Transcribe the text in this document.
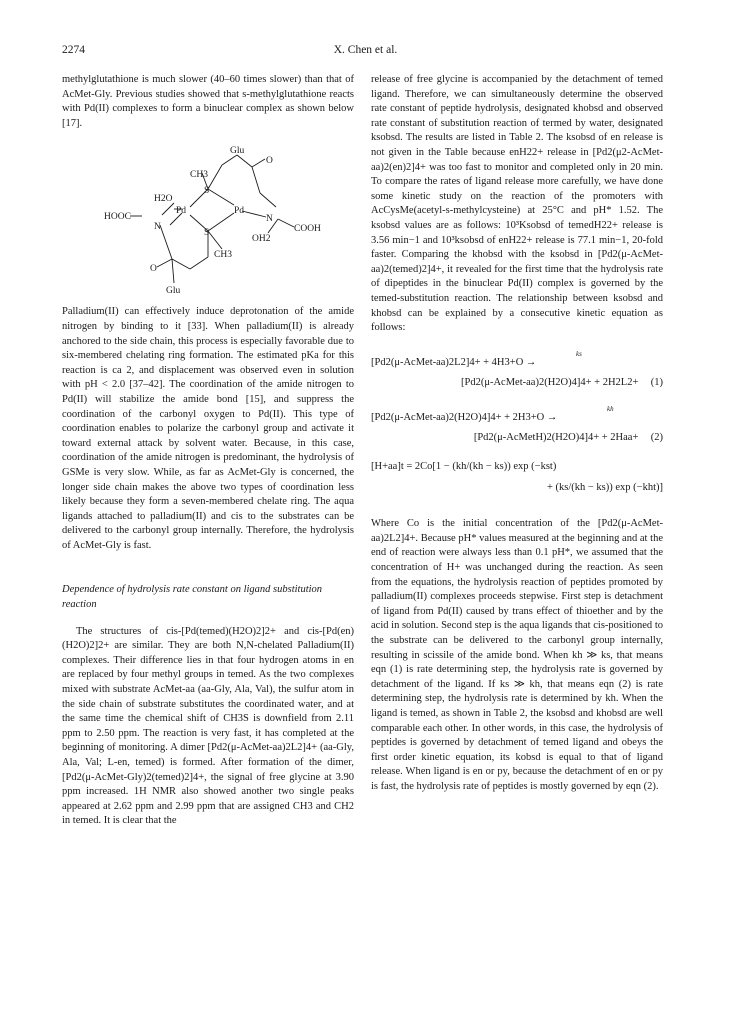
2274	X. Chen et al.

methylglutathione is much slower (40–60 times slower) than that of AcMet-Gly. Previous studies showed that s-methylglutathione reacts with Pd(II) complexes to form a binuclear complex as shown below [17].

Glu
CH3
H2O
HOOC
Pd	Pd
S
S
N
N
COOH
OH2
CH3
O
O
Glu

Palladium(II) can effectively induce deprotonation of the amide nitrogen by binding to it [33]. When palladium(II) is already anchored to the side chain, this process is especially favorable due to six-membered chelating ring formation. The estimated pKa for this reaction is ca 2, and displacement was observed even in solution with pH < 2.0 [37–42]. The coordination of the amide nitrogen to Pd(II) will stabilize the amide bond [15], and suppress the coordination of the carbonyl oxygen to Pd(II). This type of coordination enables to polarize the carbonyl group and activate it toward external attack by solvent water. Because, in this case, coordination of the amide nitrogen is predominant, the hydrolysis of GSMe is very slow. While, as far as AcMet-Gly is concerned, the longer side chain makes the above two types of coordination less likely because they form a seven-membered chelate ring. The aqua ligands attached to palladium(II) and cis to the substrates can be delivered to the carbonyl group internally. Therefore, the hydrolysis of AcMet-Gly is fast.

Dependence of hydrolysis rate constant on ligand substitution reaction

The structures of cis-[Pd(temed)(H2O)2]2+ and cis-[Pd(en)(H2O)2]2+ are similar. They are both N,N-chelated Palladium(II) complexes. Their difference lies in that four hydrogen atoms in en are replaced by four methyl groups in temed. As the two complexes mixed with substrate AcMet-aa (aa-Gly, Ala, Val), the sulfur atom in the side chain of substrate substitutes the coordinated water, and at the same time the chemical shift of CH3S is downfield from 2.11 ppm to 2.50 ppm. The reaction is very fast, it has completed at the beginning of monitoring. A dimer [Pd2(μ-AcMet-aa)2L2]4+ (aa-Gly, Ala, Val; L-en, temed) is formed. After formation of the dimer, [Pd2(μ-AcMet-Gly)2(temed)2]4+, the signal of free glycine at 3.90 ppm increased. 1H NMR also showed another two single peaks appeared at 2.62 ppm and 2.99 ppm that are assigned CH3 and CH2 in temed. It is clear that the

release of free glycine is accompanied by the detachment of temed ligand. Therefore, we can simultaneously determine the observed rate constant of peptide hydrolysis, designated khobsd and observed rate constant of substitution reaction of termed by water, designated ksobsd. The results are listed in Table 2. The ksobsd of en release is not given in the Table because enH22+ release in [Pd2(μ2-AcMet-aa)2(en)2]4+ was too fast to monitor and completed only in 20 min. To compare the rates of ligand release more carefully, we have done some kinetic study on the reaction of the promoters with AcCysMe(acetyl-s-methylcysteine) at 25°C and pH* 1.52. The ksobsd values are as follows: 10³Ksobsd of temedH22+ release is 3.56 min−1 and 10³ksobsd of enH22+ release is 77.1 min−1, 20-fold faster. Comparing the khobsd with the ksobsd in [Pd2(μ-AcMet-aa)2(temed)2]4+, it revealed for the first time that the hydrolysis rate of dipeptides in the binuclear Pd(II) complex is governed by the temed-substitution reaction. The relationship between ksobsd and khobsd can be explained by a consecutive kinetic equation as follows:

ks
[Pd2(μ-AcMet-aa)2L2]4+ + 4H3+O →
[Pd2(μ-AcMet-aa)2(H2O)4]4+ + 2H2L2+ (1)
kh
[Pd2(μ-AcMet-aa)2(H2O)4]4+ + 2H3+O →
[Pd2(μ-AcMetH)2(H2O)4]4+ + 2Haa+ (2)
[H+aa]t = 2Co[1 − (kh/(kh − ks)) exp (−kst)
+ (ks/(kh − ks)) exp (−kht)]

Where Co is the initial concentration of the [Pd2(μ-AcMet-aa)2L2]4+. Because pH* values measured at the beginning and at the end of reaction were always less than 0.1 pH*, we assumed that the concentration of H+ was unchanged during the reaction. As seen from the equations, the hydrolysis reaction of peptides promoted by palladium(II) complexes proceeds stepwise. First step is detachment of ligand from Pd(II) caused by trans effect of thioether and by the acid in solution. Second step is the aqua ligands that cis-positioned to the substrate can be delivered to the carbonyl group internally, resulting in scissile of the amide bond. When kh ≫ ks, that means eqn (1) is rate determining step, the hydrolysis rate is governed by detachment of the ligand. If ks ≫ kh, that means eqn (2) is rate determining step, the hydrolysis rate is determined by kh. When the ligand is temed, as shown in Table 2, the ksobsd and khobsd are well comparable each other. In other words, in this case, the hydrolysis of peptides is governed by detachment of temed ligand and obeys the first order kinetic equation, its kobsd is equal to that of ligand release. When ligand is en or py, because the detachment of en or py is fast, the hydrolysis rate of peptides is mostly governed by eqn (2).
